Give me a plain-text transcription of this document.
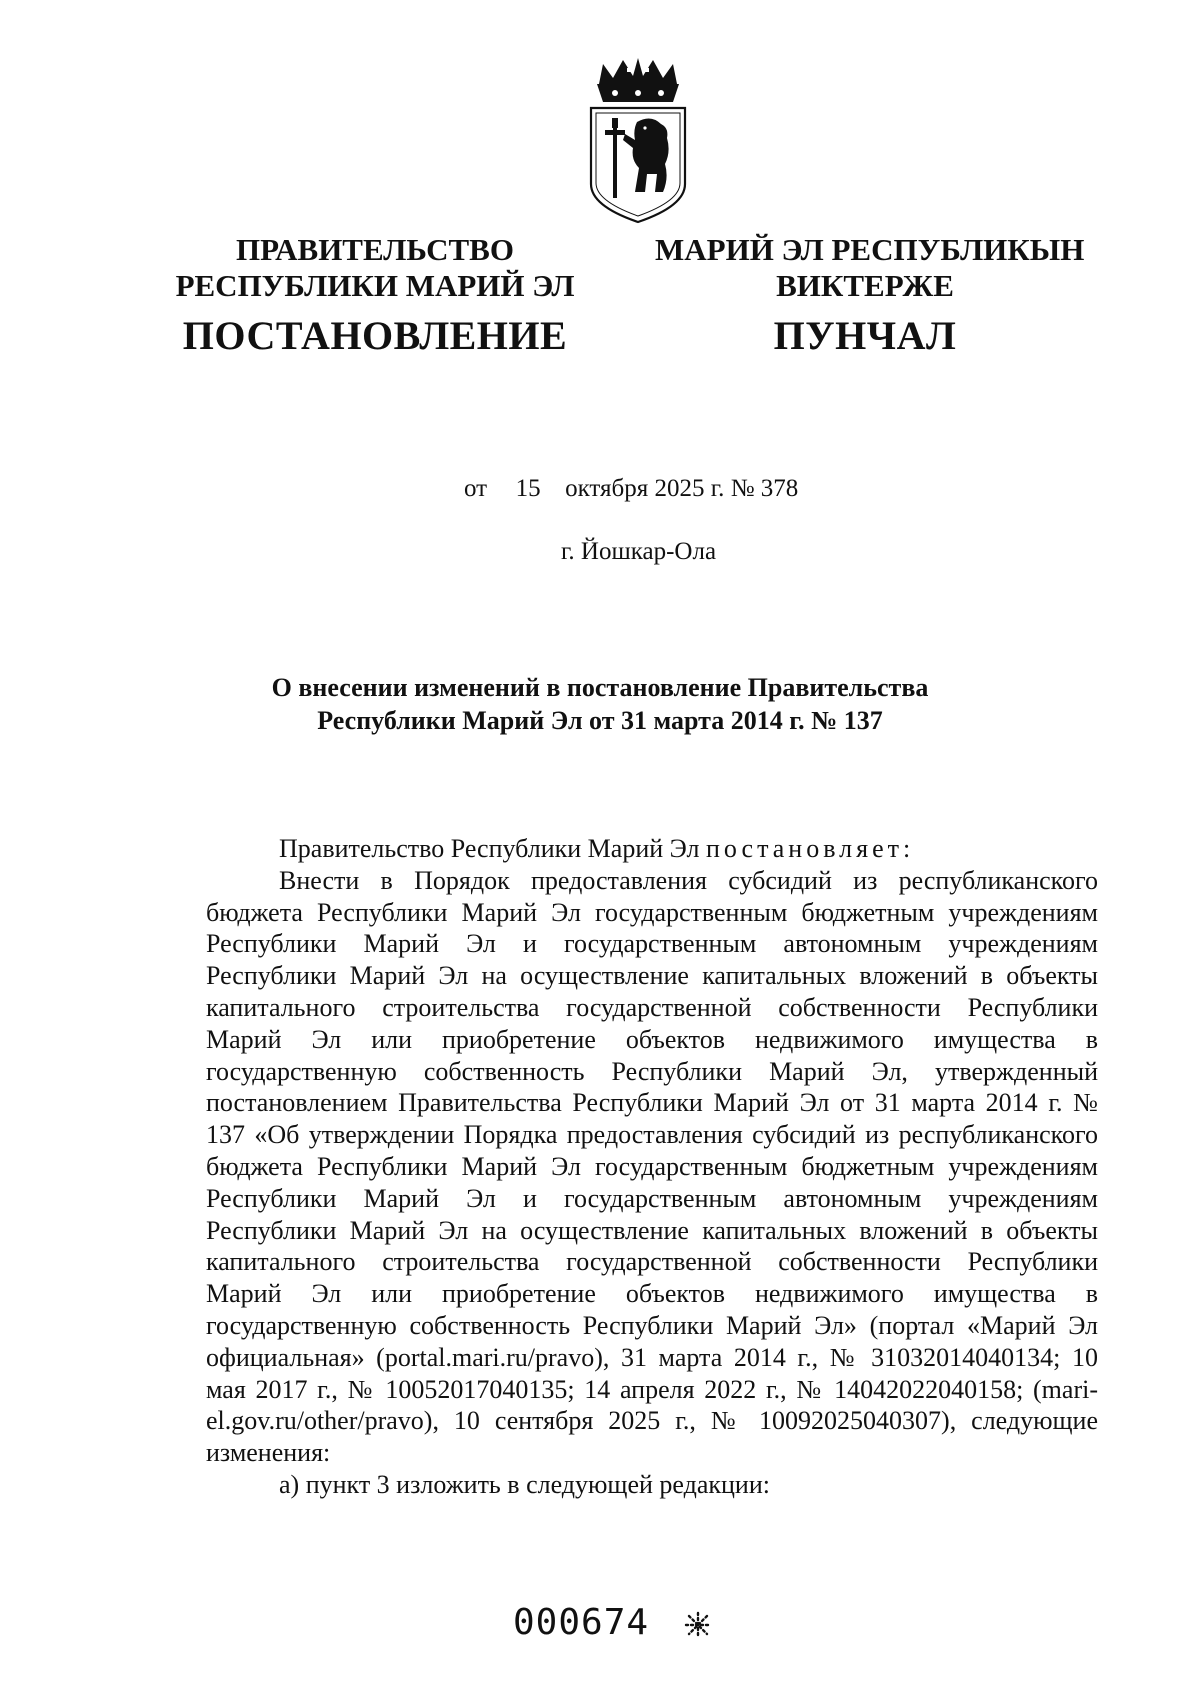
ПРАВИТЕЛЬСТВО
РЕСПУБЛИКИ МАРИЙ ЭЛ
ПОСТАНОВЛЕНИЕ
МАРИЙ ЭЛ РЕСПУБЛИКЫН
ВИКТЕРЖЕ
ПУНЧАЛ
от 15 октября 2025 г. № 378
г. Йошкар-Ола
О внесении изменений в постановление Правительства
Республики Марий Эл от 31 марта 2014 г. № 137

Правительство Республики Марий Эл постановляет:

Внести в Порядок предоставления субсидий из республиканского бюджета Республики Марий Эл государственным бюджетным учреждениям Республики Марий Эл и государственным автономным учреждениям Республики Марий Эл на осуществление капитальных вложений в объекты капитального строительства государственной собственности Республики Марий Эл или приобретение объектов недвижимого имущества в государственную собственность Республики Марий Эл, утвержденный постановлением Правительства Республики Марий Эл от 31 марта 2014 г. № 137 «Об утверждении Порядка предоставления субсидий из республиканского бюджета Республики Марий Эл государственным бюджетным учреждениям Республики Марий Эл и государственным автономным учреждениям Республики Марий Эл на осуществление капитальных вложений в объекты капитального строительства государственной собственности Республики Марий Эл или приобретение объектов недвижимого имущества в государственную собственность Республики Марий Эл» (портал «Марий Эл официальная» (portal.mari.ru/pravo), 31 марта 2014 г., № 31032014040134; 10 мая 2017 г., № 10052017040135; 14 апреля 2022 г., № 14042022040158; (mari-el.gov.ru/other/pravo), 10 сентября 2025 г., № 10092025040307), следующие изменения:

а) пункт 3 изложить в следующей редакции:

000674
